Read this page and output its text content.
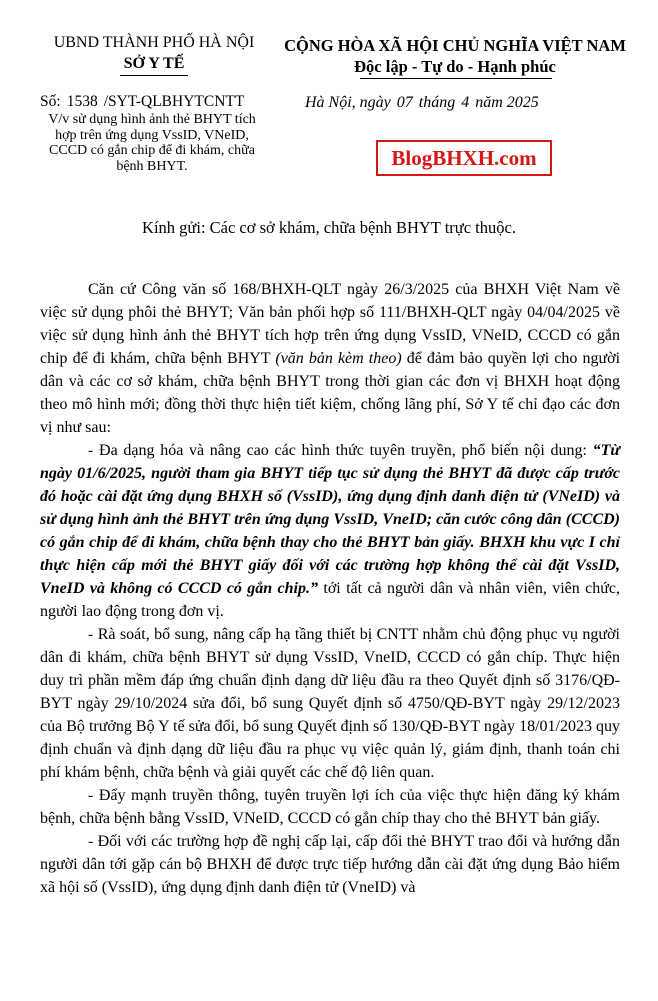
UBND THÀNH PHỐ HÀ NỘI
SỞ Y TẾ
CỘNG HÒA XÃ HỘI CHỦ NGHĨA VIỆT NAM
Độc lập - Tự do - Hạnh phúc
Số: 1538 /SYT-QLBHYTCNTT	Hà Nội, ngày 07 tháng 4 năm 2025
V/v sử dụng hình ảnh thẻ BHYT tích hợp trên ứng dụng VssID, VNeID, CCCD có gắn chip để đi khám, chữa bệnh BHYT.	BlogBHXH.com
Kính gửi: Các cơ sở khám, chữa bệnh BHYT trực thuộc.

Căn cứ Công văn số 168/BHXH-QLT ngày 26/3/2025 của BHXH Việt Nam về việc sử dụng phôi thẻ BHYT; Văn bản phối hợp số 111/BHXH-QLT ngày 04/04/2025 về việc sử dụng hình ảnh thẻ BHYT tích hợp trên ứng dụng VssID, VNeID, CCCD có gắn chip để đi khám, chữa bệnh BHYT (văn bản kèm theo) để đảm bảo quyền lợi cho người dân và các cơ sở khám, chữa bệnh BHYT trong thời gian các đơn vị BHXH hoạt động theo mô hình mới; đồng thời thực hiện tiết kiệm, chống lãng phí, Sở Y tế chỉ đạo các đơn vị như sau:

- Đa dạng hóa và nâng cao các hình thức tuyên truyền, phổ biến nội dung: “Từ ngày 01/6/2025, người tham gia BHYT tiếp tục sử dụng thẻ BHYT đã được cấp trước đó hoặc cài đặt ứng dụng BHXH số (VssID), ứng dụng định danh điện tử (VNeID) và sử dụng hình ảnh thẻ BHYT trên ứng dụng VssID, VneID; căn cước công dân (CCCD) có gắn chip để đi khám, chữa bệnh thay cho thẻ BHYT bản giấy. BHXH khu vực I chỉ thực hiện cấp mới thẻ BHYT giấy đối với các trường hợp không thể cài đặt VssID, VneID và không có CCCD có gắn chip.” tới tất cả người dân và nhân viên, viên chức, người lao động trong đơn vị.

- Rà soát, bổ sung, nâng cấp hạ tầng thiết bị CNTT nhằm chủ động phục vụ người dân đi khám, chữa bệnh BHYT sử dụng VssID, VneID, CCCD có gắn chíp. Thực hiện duy trì phần mềm đáp ứng chuẩn định dạng dữ liệu đầu ra theo Quyết định số 3176/QĐ-BYT ngày 29/10/2024 sửa đổi, bổ sung Quyết định số 4750/QĐ-BYT ngày 29/12/2023 của Bộ trưởng Bộ Y tế sửa đổi, bổ sung Quyết định số 130/QĐ-BYT ngày 18/01/2023 quy định chuẩn và định dạng dữ liệu đầu ra phục vụ việc quản lý, giám định, thanh toán chi phí khám bệnh, chữa bệnh và giải quyết các chế độ liên quan.

- Đẩy mạnh truyền thông, tuyên truyền lợi ích của việc thực hiện đăng ký khám bệnh, chữa bệnh bằng VssID, VNeID, CCCD có gắn chíp thay cho thẻ BHYT bản giấy.

- Đối với các trường hợp đề nghị cấp lại, cấp đổi thẻ BHYT trao đổi và hướng dẫn người dân tới gặp cán bộ BHXH để được trực tiếp hướng dẫn cài đặt ứng dụng Bảo hiểm xã hội số (VssID), ứng dụng định danh điện tử (VneID) và
